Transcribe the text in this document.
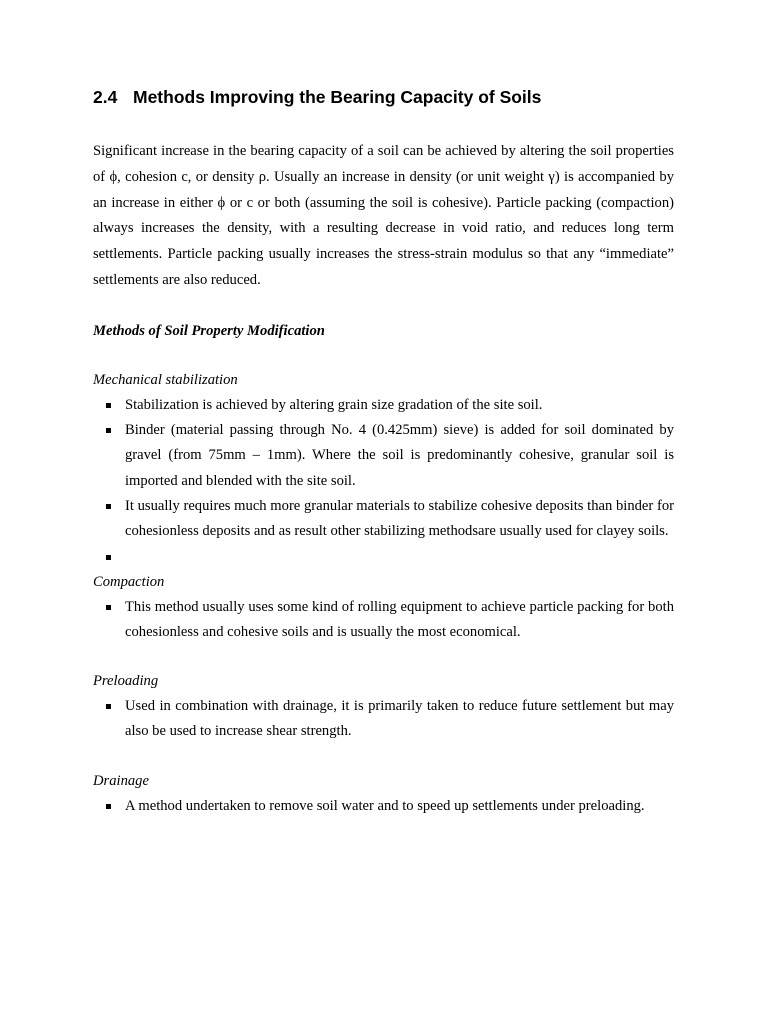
2.4 Methods Improving the Bearing Capacity of Soils

Significant increase in the bearing capacity of a soil can be achieved by altering the soil properties of ϕ, cohesion c, or density ρ. Usually an increase in density (or unit weight γ) is accompanied by an increase in either ϕ or c or both (assuming the soil is cohesive). Particle packing (compaction) always increases the density, with a resulting decrease in void ratio, and reduces long term settlements. Particle packing usually increases the stress-strain modulus so that any “immediate” settlements are also reduced.

Methods of Soil Property Modification
Mechanical stabilization
Stabilization is achieved by altering grain size gradation of the site soil.
Binder (material passing through No. 4 (0.425mm) sieve) is added for soil dominated by gravel (from 75mm – 1mm). Where the soil is predominantly cohesive, granular soil is imported and blended with the site soil.
It usually requires much more granular materials to stabilize cohesive deposits than binder for cohesionless deposits and as result other stabilizing methodsare usually used for clayey soils.
Compaction
This method usually uses some kind of rolling equipment to achieve particle packing for both cohesionless and cohesive soils and is usually the most economical.
Preloading
Used in combination with drainage, it is primarily taken to reduce future settlement but may also be used to increase shear strength.
Drainage
A method undertaken to remove soil water and to speed up settlements under preloading.
